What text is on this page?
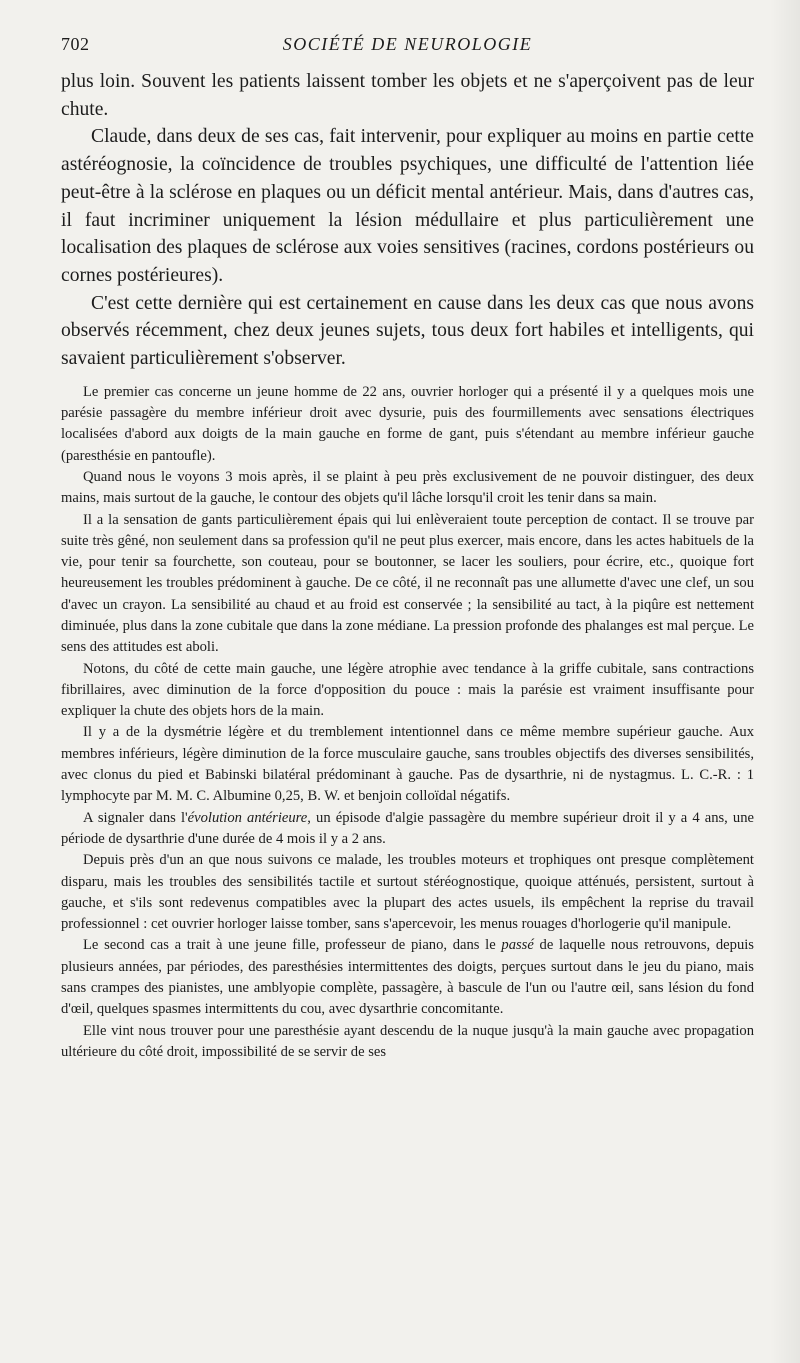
702	SOCIÉTÉ DE NEUROLOGIE

plus loin. Souvent les patients laissent tomber les objets et ne s'aperçoivent pas de leur chute.

Claude, dans deux de ses cas, fait intervenir, pour expliquer au moins en partie cette astéréognosie, la coïncidence de troubles psychiques, une difficulté de l'attention liée peut-être à la sclérose en plaques ou un déficit mental antérieur. Mais, dans d'autres cas, il faut incriminer uniquement la lésion médullaire et plus particulièrement une localisation des plaques de sclérose aux voies sensitives (racines, cordons postérieurs ou cornes postérieures).

C'est cette dernière qui est certainement en cause dans les deux cas que nous avons observés récemment, chez deux jeunes sujets, tous deux fort habiles et intelligents, qui savaient particulièrement s'observer.

Le premier cas concerne un jeune homme de 22 ans, ouvrier horloger qui a présenté il y a quelques mois une parésie passagère du membre inférieur droit avec dysurie, puis des fourmillements avec sensations électriques localisées d'abord aux doigts de la main gauche en forme de gant, puis s'étendant au membre inférieur gauche (paresthésie en pantoufle).

Quand nous le voyons 3 mois après, il se plaint à peu près exclusivement de ne pouvoir distinguer, des deux mains, mais surtout de la gauche, le contour des objets qu'il lâche lorsqu'il croit les tenir dans sa main.

Il a la sensation de gants particulièrement épais qui lui enlèveraient toute perception de contact. Il se trouve par suite très gêné, non seulement dans sa profession qu'il ne peut plus exercer, mais encore, dans les actes habituels de la vie, pour tenir sa fourchette, son couteau, pour se boutonner, se lacer les souliers, pour écrire, etc., quoique fort heureusement les troubles prédominent à gauche. De ce côté, il ne reconnaît pas une allumette d'avec une clef, un sou d'avec un crayon. La sensibilité au chaud et au froid est conservée ; la sensibilité au tact, à la piqûre est nettement diminuée, plus dans la zone cubitale que dans la zone médiane. La pression profonde des phalanges est mal perçue. Le sens des attitudes est aboli.

Notons, du côté de cette main gauche, une légère atrophie avec tendance à la griffe cubitale, sans contractions fibrillaires, avec diminution de la force d'opposition du pouce : mais la parésie est vraiment insuffisante pour expliquer la chute des objets hors de la main.

Il y a de la dysmétrie légère et du tremblement intentionnel dans ce même membre supérieur gauche. Aux membres inférieurs, légère diminution de la force musculaire gauche, sans troubles objectifs des diverses sensibilités, avec clonus du pied et Babinski bilatéral prédominant à gauche. Pas de dysarthrie, ni de nystagmus. L. C.-R. : 1 lymphocyte par M. M. C. Albumine 0,25, B. W. et benjoin colloïdal négatifs.

A signaler dans l'évolution antérieure, un épisode d'algie passagère du membre supérieur droit il y a 4 ans, une période de dysarthrie d'une durée de 4 mois il y a 2 ans.

Depuis près d'un an que nous suivons ce malade, les troubles moteurs et trophiques ont presque complètement disparu, mais les troubles des sensibilités tactile et surtout stéréognostique, quoique atténués, persistent, surtout à gauche, et s'ils sont redevenus compatibles avec la plupart des actes usuels, ils empêchent la reprise du travail professionnel : cet ouvrier horloger laisse tomber, sans s'apercevoir, les menus rouages d'horlogerie qu'il manipule.

Le second cas a trait à une jeune fille, professeur de piano, dans le passé de laquelle nous retrouvons, depuis plusieurs années, par périodes, des paresthésies intermittentes des doigts, perçues surtout dans le jeu du piano, mais sans crampes des pianistes, une amblyopie complète, passagère, à bascule de l'un ou l'autre œil, sans lésion du fond d'œil, quelques spasmes intermittents du cou, avec dysarthrie concomitante.

Elle vint nous trouver pour une paresthésie ayant descendu de la nuque jusqu'à la main gauche avec propagation ultérieure du côté droit, impossibilité de se servir de ses
